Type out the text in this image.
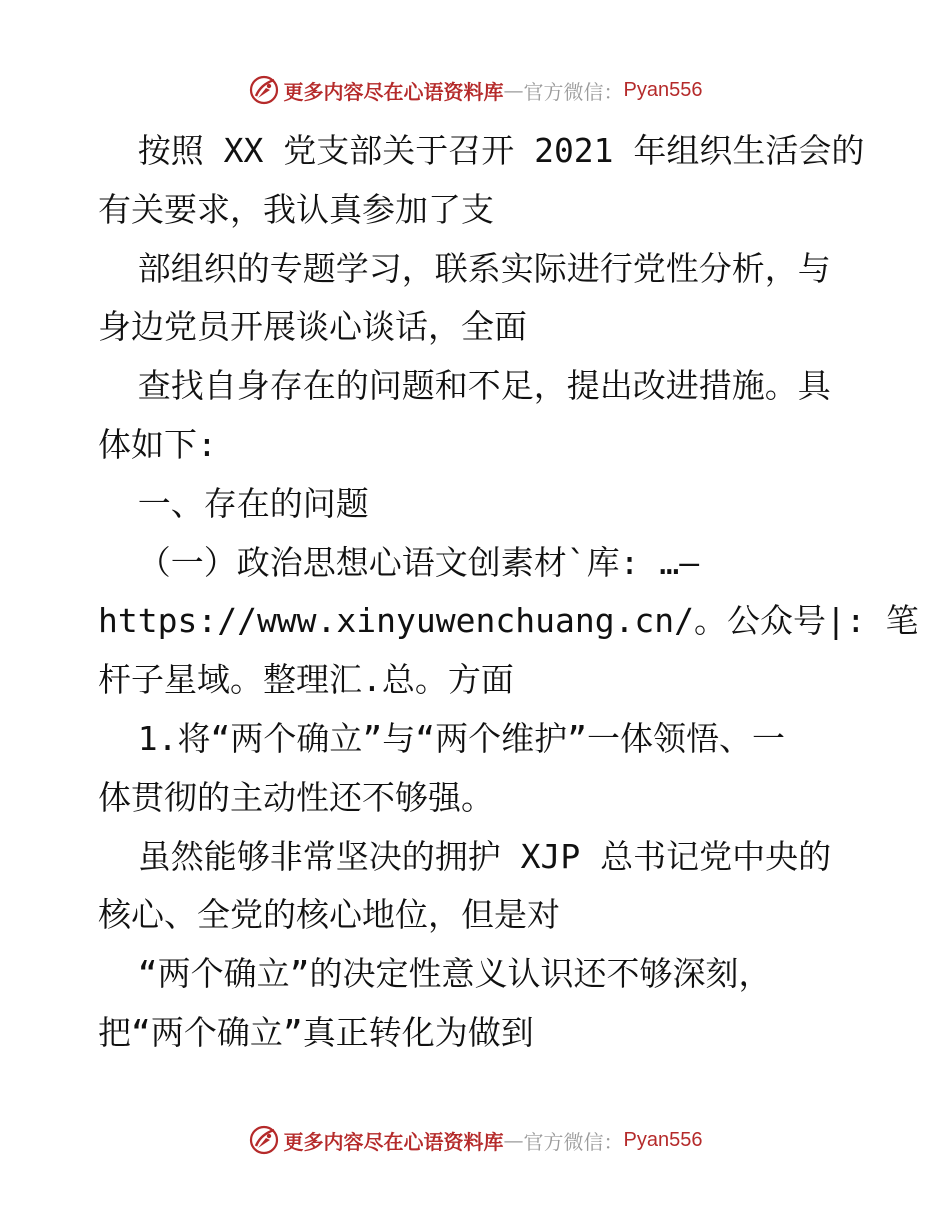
更多内容尽在心语资料库 — 官方微信： Pyan556
按照 XX 党支部关于召开 2021 年组织生活会的
有关要求，我认真参加了支
部组织的专题学习，联系实际进行党性分析，与
身边党员开展谈心谈话，全面
查找自身存在的问题和不足，提出改进措施。具
体如下:
一、存在的问题
（一）政治思想心语文创素材`库: …—
https://www.xinyuwenchuang.cn/。公众号|: 笔
杆子星域。整理汇.总。方面
1.将“两个确立”与“两个维护”一体领悟、一
体贯彻的主动性还不够强。
虽然能够非常坚决的拥护 XJP 总书记党中央的
核心、全党的核心地位，但是对
“两个确立”的决定性意义认识还不够深刻，
把“两个确立”真正转化为做到
更多内容尽在心语资料库 — 官方微信： Pyan556
